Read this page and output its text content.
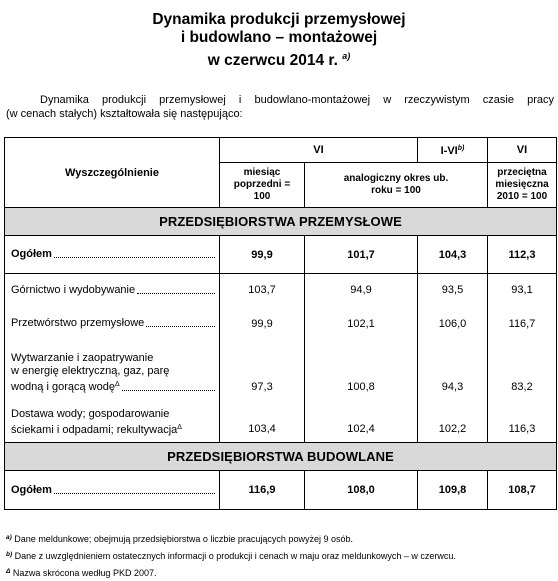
Dynamika produkcji przemysłowej
i budowlano – montażowej
w czerwcu 2014 r. $^{a)}$
Dynamika produkcji przemysłowej i budowlano-montażowej w rzeczywistym czasie pracy
(w cenach stałych) kształtowała się następująco:
Wyszczególnienie	VI		I-VI$^{b)}$	VI

	miesiąc poprzedni = 100	analogiczny okres ub. roku = 100		przeciętna miesięczna 2010 = 100

PRZEDSIĘBIORSTWA PRZEMYSŁOWE				

Ogółem	99,9	101,7	104,3	112,3

Górnictwo i wydobywanie	103,7	94,9	93,5	93,1

Przetwórstwo przemysłowe	99,9	102,1	106,0	116,7

Wytwarzanie i zaopatrywanie
w energię elektryczną, gaz, parę
wodną i gorącą wodę$^\Delta$	97,3	100,8	94,3	83,2

Dostawa wody; gospodarowanie
ściekami i odpadami; rekultywacja$^\Delta$	103,4	102,4	102,2	116,3
PRZEDSIĘBIORSTWA BUDOWLANE				

Ogółem	116,9	108,0	109,8	108,7
$^{a)}$ Dane meldunkowe; obejmują przedsiębiorstwa o liczbie pracujących powyżej 9 osób.
$^{b)}$ Dane z uwzględnieniem ostatecznych informacji o produkcji i cenach w maju oraz meldunkowych – w czerwcu.
$^\Delta$ Nazwa skrócona według PKD 2007.
